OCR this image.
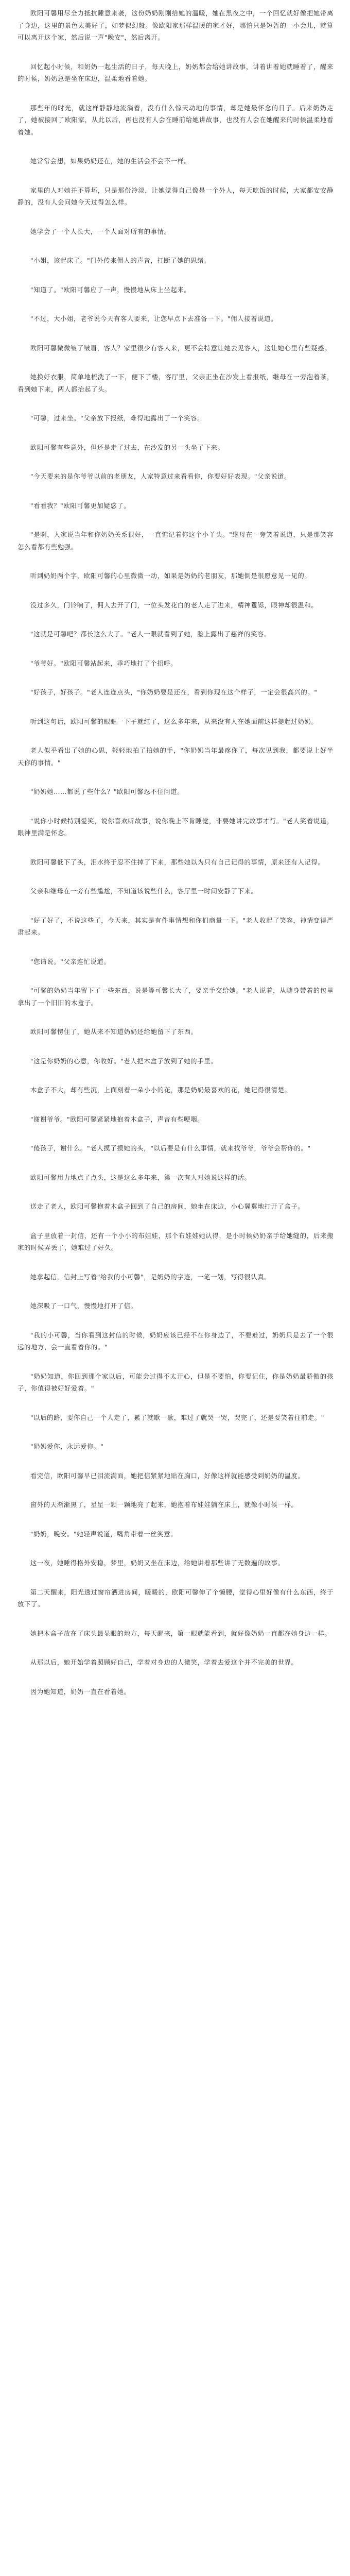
欧阳可馨用尽全力抵抗睡意来袭，这份奶奶刚刚给她的温暖，她在黑夜之中，一个回忆就好像把她带离了身边，这里的景色太美好了，如梦似幻般。像欧阳家那样温暖的家才好，哪怕只是短暂的一小会儿，就算可以离开这个家，然后说一声"晚安"，然后离开。

回忆起小时候，和奶奶一起生活的日子，每天晚上，奶奶都会给她讲故事，讲着讲着她就睡着了，醒来的时候，奶奶总是坐在床边，温柔地看着她。

那些年的时光，就这样静静地流淌着，没有什么惊天动地的事情，却是她最怀念的日子。后来奶奶走了，她被接回了欧阳家，从此以后，再也没有人会在睡前给她讲故事，也没有人会在她醒来的时候温柔地看着她。

她常常会想，如果奶奶还在，她的生活会不会不一样。

家里的人对她并不算坏，只是那份冷淡，让她觉得自己像是一个外人，每天吃饭的时候，大家都安安静静的，没有人会问她今天过得怎么样。

她学会了一个人长大，一个人面对所有的事情。

"小姐，该起床了。"门外传来佣人的声音，打断了她的思绪。

"知道了。"欧阳可馨应了一声，慢慢地从床上坐起来。

"不过，大小姐，老爷说今天有客人要来，让您早点下去准备一下。"佣人接着说道。

欧阳可馨微微皱了皱眉，客人？家里很少有客人来，更不会特意让她去见客人，这让她心里有些疑惑。

她换好衣服，简单地梳洗了一下，便下了楼，客厅里，父亲正坐在沙发上看报纸，继母在一旁泡着茶，看到她下来，两人都抬起了头。

"可馨，过来坐。"父亲放下报纸，难得地露出了一个笑容。

欧阳可馨有些意外，但还是走了过去，在沙发的另一头坐了下来。

"今天要来的是你爷爷以前的老朋友，人家特意过来看看你，你要好好表现。"父亲说道。

"看看我？"欧阳可馨更加疑惑了。

"是啊，人家说当年和你奶奶关系很好，一直惦记着你这个小丫头。"继母在一旁笑着说道，只是那笑容怎么看都有些勉强。

听到奶奶两个字，欧阳可馨的心里微微一动，如果是奶奶的老朋友，那她倒是很愿意见一见的。

没过多久，门铃响了，佣人去开了门，一位头发花白的老人走了进来，精神矍铄，眼神却很温和。

"这就是可馨吧？都长这么大了。"老人一眼就看到了她，脸上露出了慈祥的笑容。

"爷爷好。"欧阳可馨站起来，乖巧地打了个招呼。

"好孩子，好孩子。"老人连连点头，"你奶奶要是还在，看到你现在这个样子，一定会很高兴的。"

听到这句话，欧阳可馨的眼眶一下子就红了，这么多年来，从来没有人在她面前这样提起过奶奶。

老人似乎看出了她的心思，轻轻地拍了拍她的手，"你奶奶当年最疼你了，每次见到我，都要说上好半天你的事情。"

"奶奶她……都说了些什么？"欧阳可馨忍不住问道。

"说你小时候特别爱笑，说你喜欢听故事，说你晚上不肯睡觉，非要她讲完故事才行。"老人笑着说道，眼神里满是怀念。

欧阳可馨低下了头，泪水终于忍不住掉了下来，那些她以为只有自己记得的事情，原来还有人记得。

父亲和继母在一旁有些尴尬，不知道该说些什么，客厅里一时间安静了下来。

"好了好了，不说这些了，今天来，其实是有件事情想和你们商量一下。"老人收起了笑容，神情变得严肃起来。

"您请说。"父亲连忙说道。

"可馨的奶奶当年留下了一些东西，说是等可馨长大了，要亲手交给她。"老人说着，从随身带着的包里拿出了一个旧旧的木盒子。

欧阳可馨愣住了，她从来不知道奶奶还给她留下了东西。

"这是你奶奶的心意，你收好。"老人把木盒子放到了她的手里。

木盒子不大，却有些沉，上面刻着一朵小小的花，那是奶奶最喜欢的花，她记得很清楚。

"谢谢爷爷。"欧阳可馨紧紧地抱着木盒子，声音有些哽咽。

"傻孩子，谢什么。"老人摸了摸她的头，"以后要是有什么事情，就来找爷爷，爷爷会帮你的。"

欧阳可馨用力地点了点头，这是这么多年来，第一次有人对她说这样的话。

送走了老人，欧阳可馨抱着木盒子回到了自己的房间，她坐在床边，小心翼翼地打开了盒子。

盒子里放着一封信，还有一个小小的布娃娃，那个布娃娃她认得，是小时候奶奶亲手给她缝的，后来搬家的时候弄丢了，她难过了好久。

她拿起信，信封上写着"给我的小可馨"，是奶奶的字迹，一笔一划，写得很认真。

她深吸了一口气，慢慢地打开了信。

"我的小可馨，当你看到这封信的时候，奶奶应该已经不在你身边了，不要难过，奶奶只是去了一个很远的地方，会一直看着你的。"

"奶奶知道，你回到那个家以后，可能会过得不太开心，但是不要怕，你要记住，你是奶奶最骄傲的孩子，你值得被好好爱着。"

"以后的路，要你自己一个人走了，累了就歇一歇，难过了就哭一哭，哭完了，还是要笑着往前走。"

"奶奶爱你，永远爱你。"

看完信，欧阳可馨早已泪流满面，她把信紧紧地贴在胸口，好像这样就能感受到奶奶的温度。

窗外的天渐渐黑了，星星一颗一颗地亮了起来，她抱着布娃娃躺在床上，就像小时候一样。

"奶奶，晚安。"她轻声说道，嘴角带着一丝笑意。

这一夜，她睡得格外安稳，梦里，奶奶又坐在床边，给她讲着那些讲了无数遍的故事。

第二天醒来，阳光透过窗帘洒进房间，暖暖的，欧阳可馨伸了个懒腰，觉得心里好像有什么东西，终于放下了。

她把木盒子放在了床头最显眼的地方，每天醒来，第一眼就能看到，就好像奶奶一直都在她身边一样。

从那以后，她开始学着照顾好自己，学着对身边的人微笑，学着去爱这个并不完美的世界。

因为她知道，奶奶一直在看着她。
